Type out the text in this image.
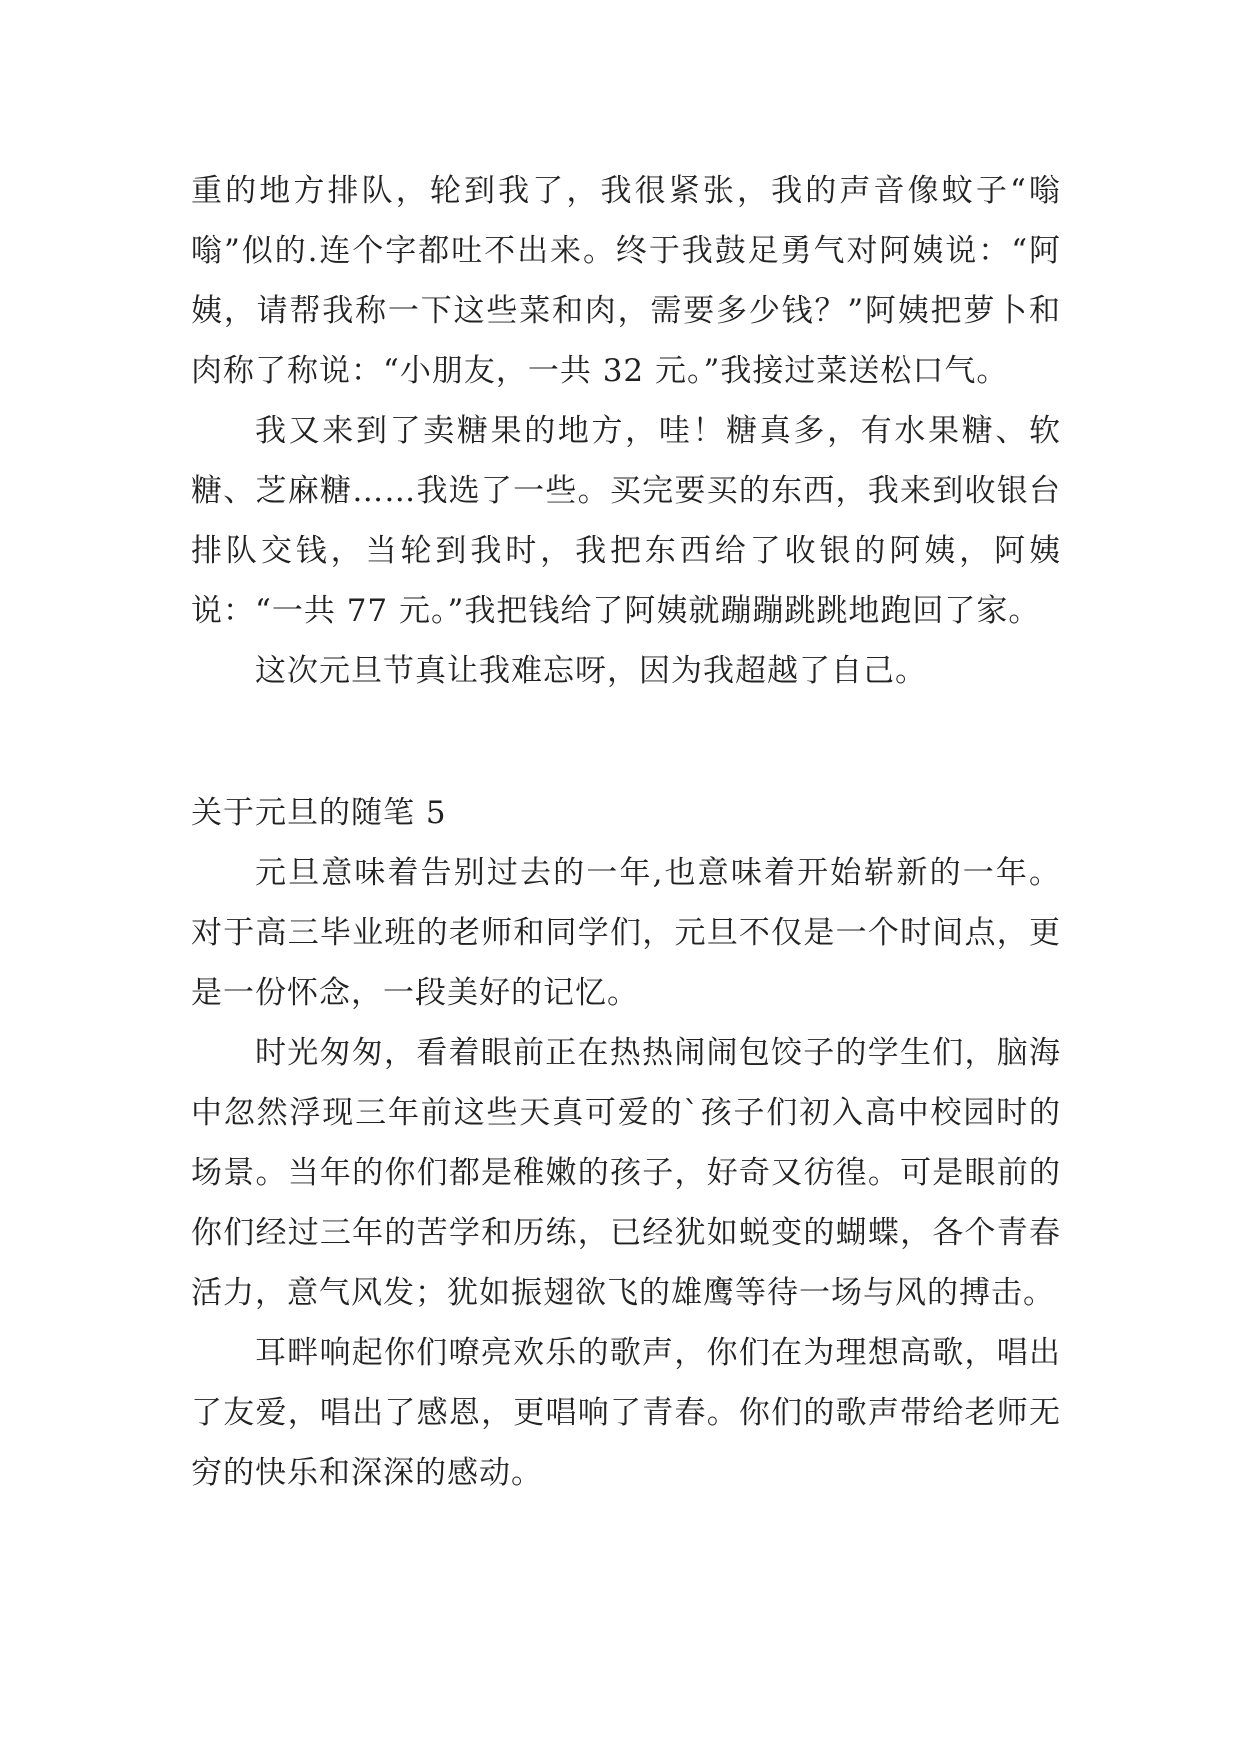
重的地方排队，轮到我了，我很紧张，我的声音像蚊子“嗡嗡”似的.连个字都吐不出来。终于我鼓足勇气对阿姨说：“阿姨，请帮我称一下这些菜和肉，需要多少钱？”阿姨把萝卜和肉称了称说：“小朋友，一共 32 元。”我接过菜送松口气。

我又来到了卖糖果的地方，哇！糖真多，有水果糖、软糖、芝麻糖……我选了一些。买完要买的东西，我来到收银台排队交钱，当轮到我时，我把东西给了收银的阿姨，阿姨说：“一共 77 元。”我把钱给了阿姨就蹦蹦跳跳地跑回了家。

这次元旦节真让我难忘呀，因为我超越了自己。

关于元旦的随笔 5

元旦意味着告别过去的一年,也意味着开始崭新的一年。对于高三毕业班的老师和同学们，元旦不仅是一个时间点，更是一份怀念，一段美好的记忆。

时光匆匆，看着眼前正在热热闹闹包饺子的学生们，脑海中忽然浮现三年前这些天真可爱的`孩子们初入高中校园时的场景。当年的你们都是稚嫩的孩子，好奇又彷徨。可是眼前的你们经过三年的苦学和历练，已经犹如蜕变的蝴蝶，各个青春活力，意气风发；犹如振翅欲飞的雄鹰等待一场与风的搏击。

耳畔响起你们嘹亮欢乐的歌声，你们在为理想高歌，唱出了友爱，唱出了感恩，更唱响了青春。你们的歌声带给老师无穷的快乐和深深的感动。
